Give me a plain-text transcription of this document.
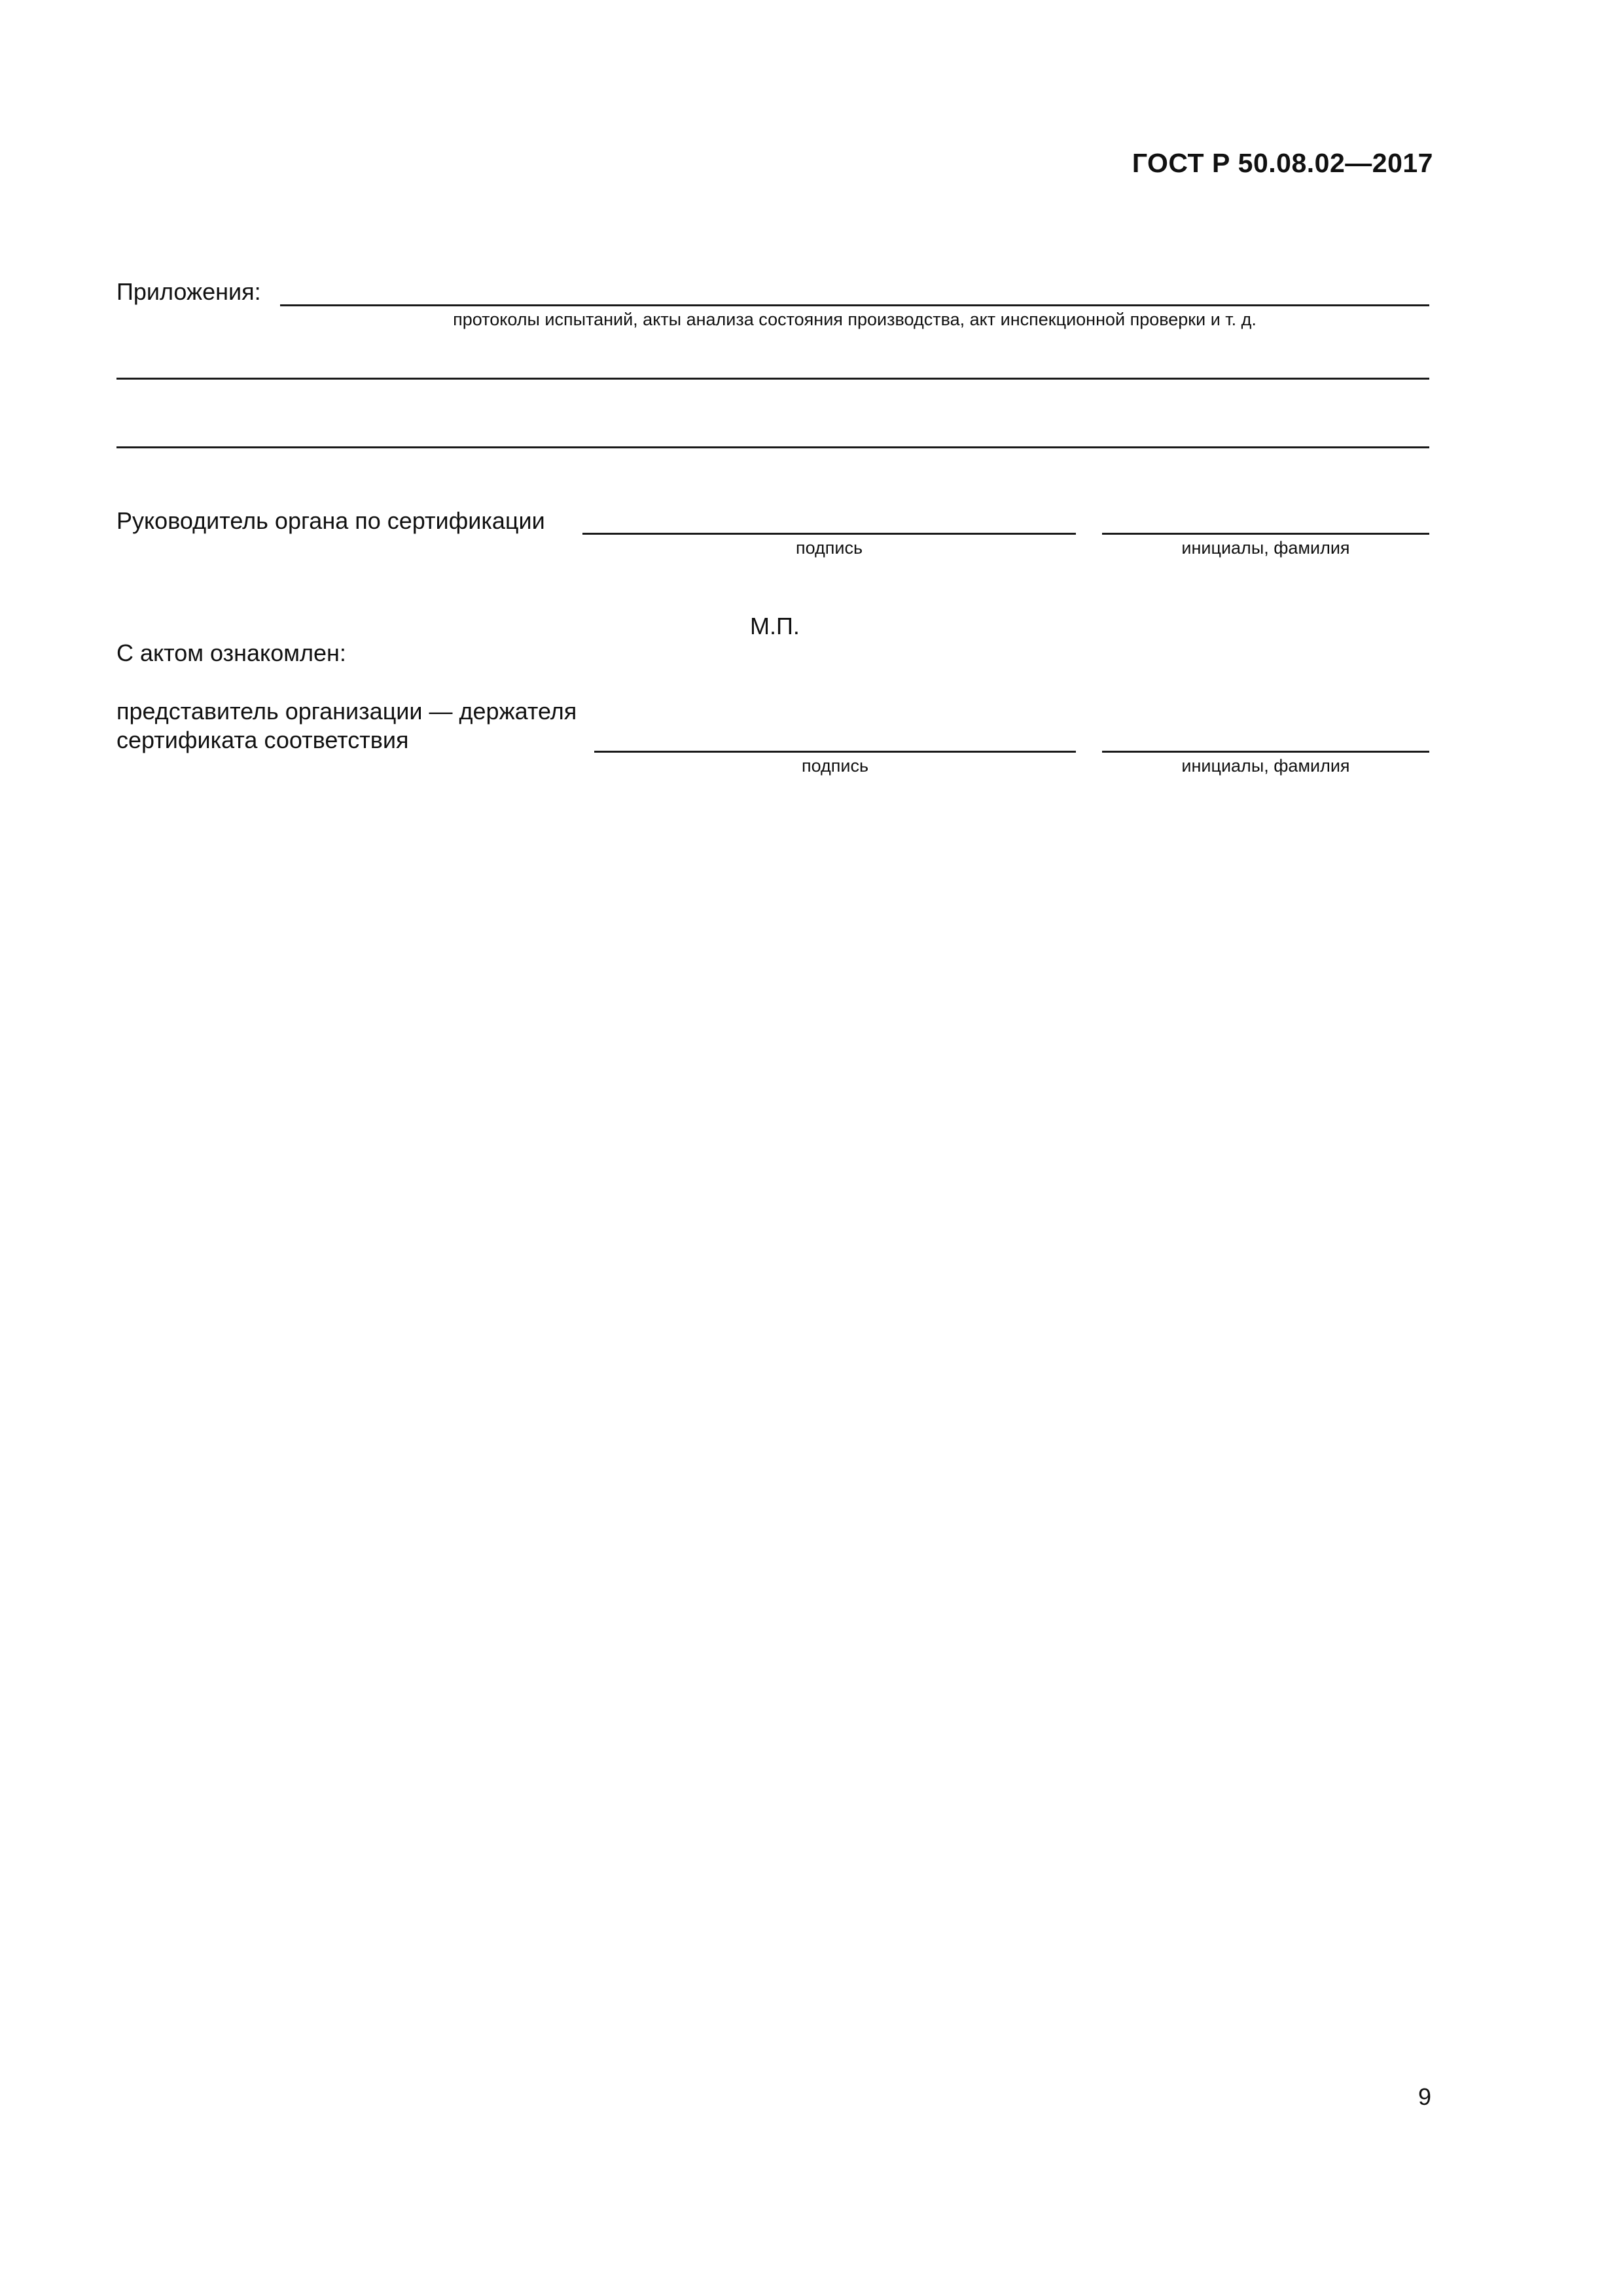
ГОСТ Р 50.08.02—2017
Приложения:
протоколы испытаний, акты анализа состояния производства, акт инспекционной проверки и т. д.
Руководитель органа по сертификации
подпись	инициалы, фамилия
М.П.
С актом ознакомлен:
представитель организации — держателя
сертификата соответствия
подпись	инициалы, фамилия
9
